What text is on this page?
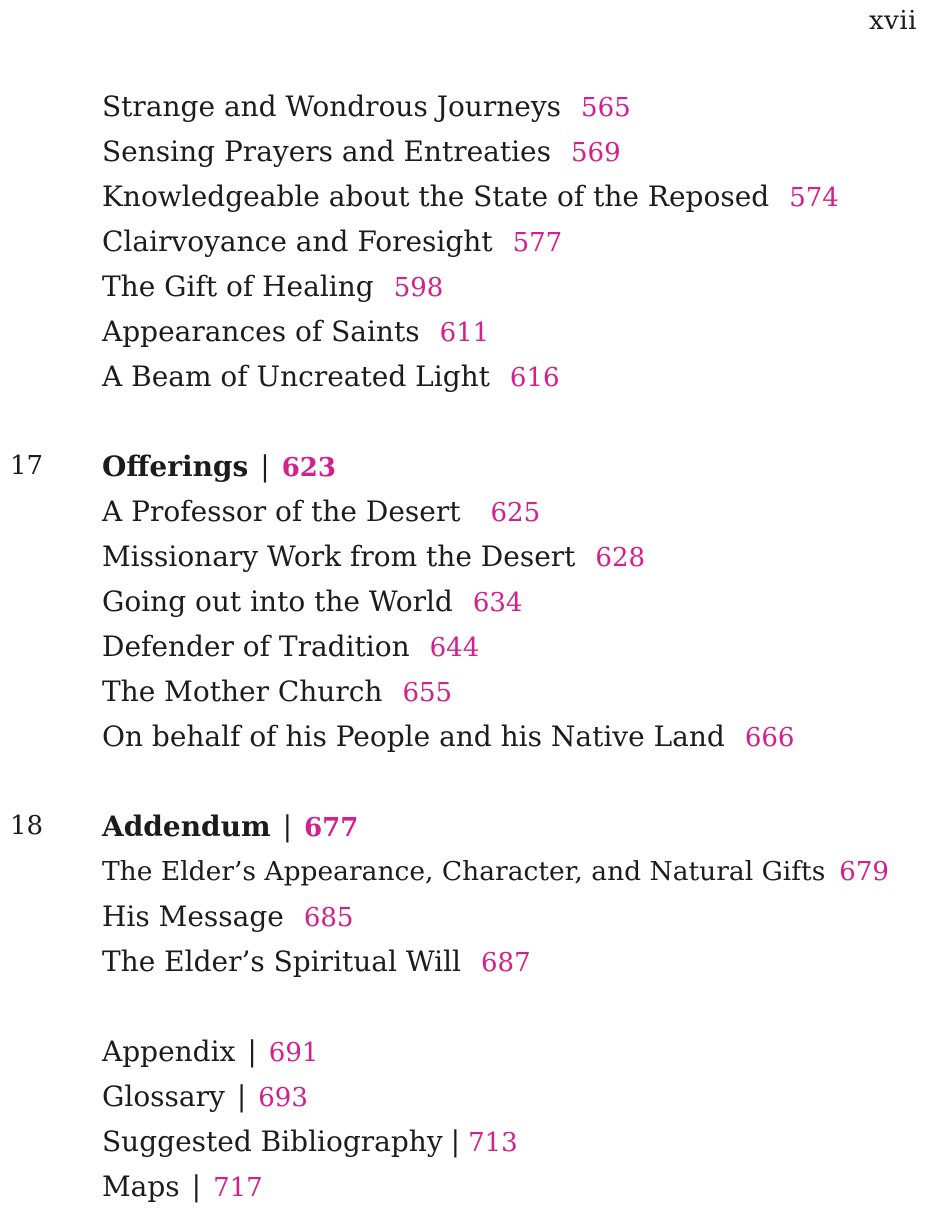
xvii
Strange and Wondrous Journeys 565
Sensing Prayers and Entreaties 569
Knowledgeable about the State of the Reposed 574
Clairvoyance and Foresight 577
The Gift of Healing 598
Appearances of Saints 611
A Beam of Uncreated Light 616
17 Offerings | 623
A Professor of the Desert 625
Missionary Work from the Desert 628
Going out into the World 634
Defender of Tradition 644
The Mother Church 655
On behalf of his People and his Native Land 666
18 Addendum | 677
The Elder’s Appearance, Character, and Natural Gifts 679
His Message 685
The Elder’s Spiritual Will 687
Appendix | 691
Glossary | 693
Suggested Bibliography | 713
Maps | 717
